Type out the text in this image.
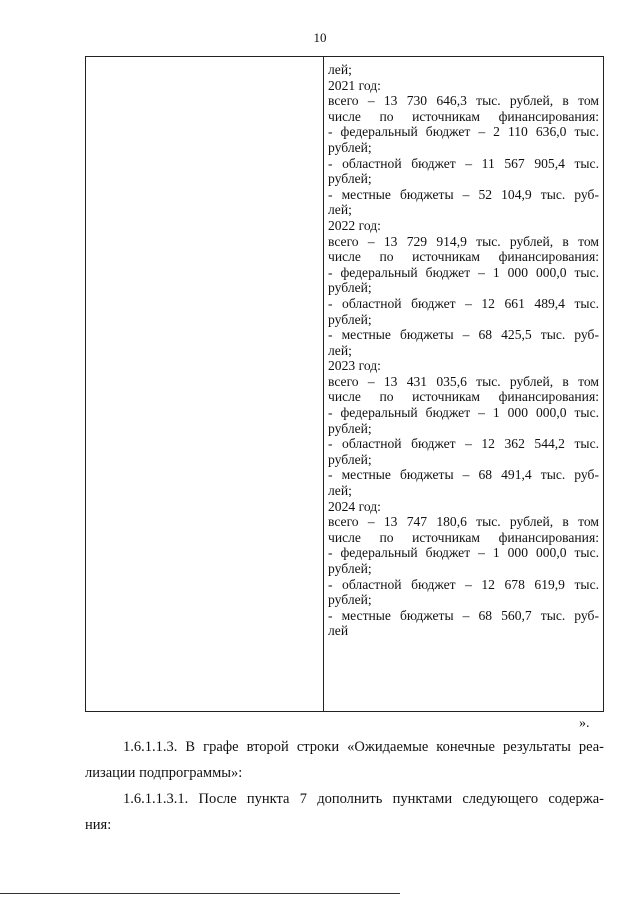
10
лей;
2021 год:
всего – 13 730 646,3 тыс. рублей, в том
числе по источникам финансирования:
- федеральный бюджет – 2 110 636,0 тыс.
рублей;
- областной бюджет – 11 567 905,4 тыс.
рублей;
- местные бюджеты – 52 104,9 тыс. руб-
лей;
2022 год:
всего – 13 729 914,9 тыс. рублей, в том
числе по источникам финансирования:
- федеральный бюджет – 1 000 000,0 тыс.
рублей;
- областной бюджет – 12 661 489,4 тыс.
рублей;
- местные бюджеты – 68 425,5 тыс. руб-
лей;
2023 год:
всего – 13 431 035,6 тыс. рублей, в том
числе по источникам финансирования:
- федеральный бюджет – 1 000 000,0 тыс.
рублей;
- областной бюджет – 12 362 544,2 тыс.
рублей;
- местные бюджеты – 68 491,4 тыс. руб-
лей;
2024 год:
всего – 13 747 180,6 тыс. рублей, в том
числе по источникам финансирования:
- федеральный бюджет – 1 000 000,0 тыс.
рублей;
- областной бюджет – 12 678 619,9 тыс.
рублей;
- местные бюджеты – 68 560,7 тыс. руб-
лей
».
1.6.1.1.3. В графе второй строки «Ожидаемые конечные результаты реа-
лизации подпрограммы»:
1.6.1.1.3.1. После пункта 7 дополнить пунктами следующего содержа-
ния:
